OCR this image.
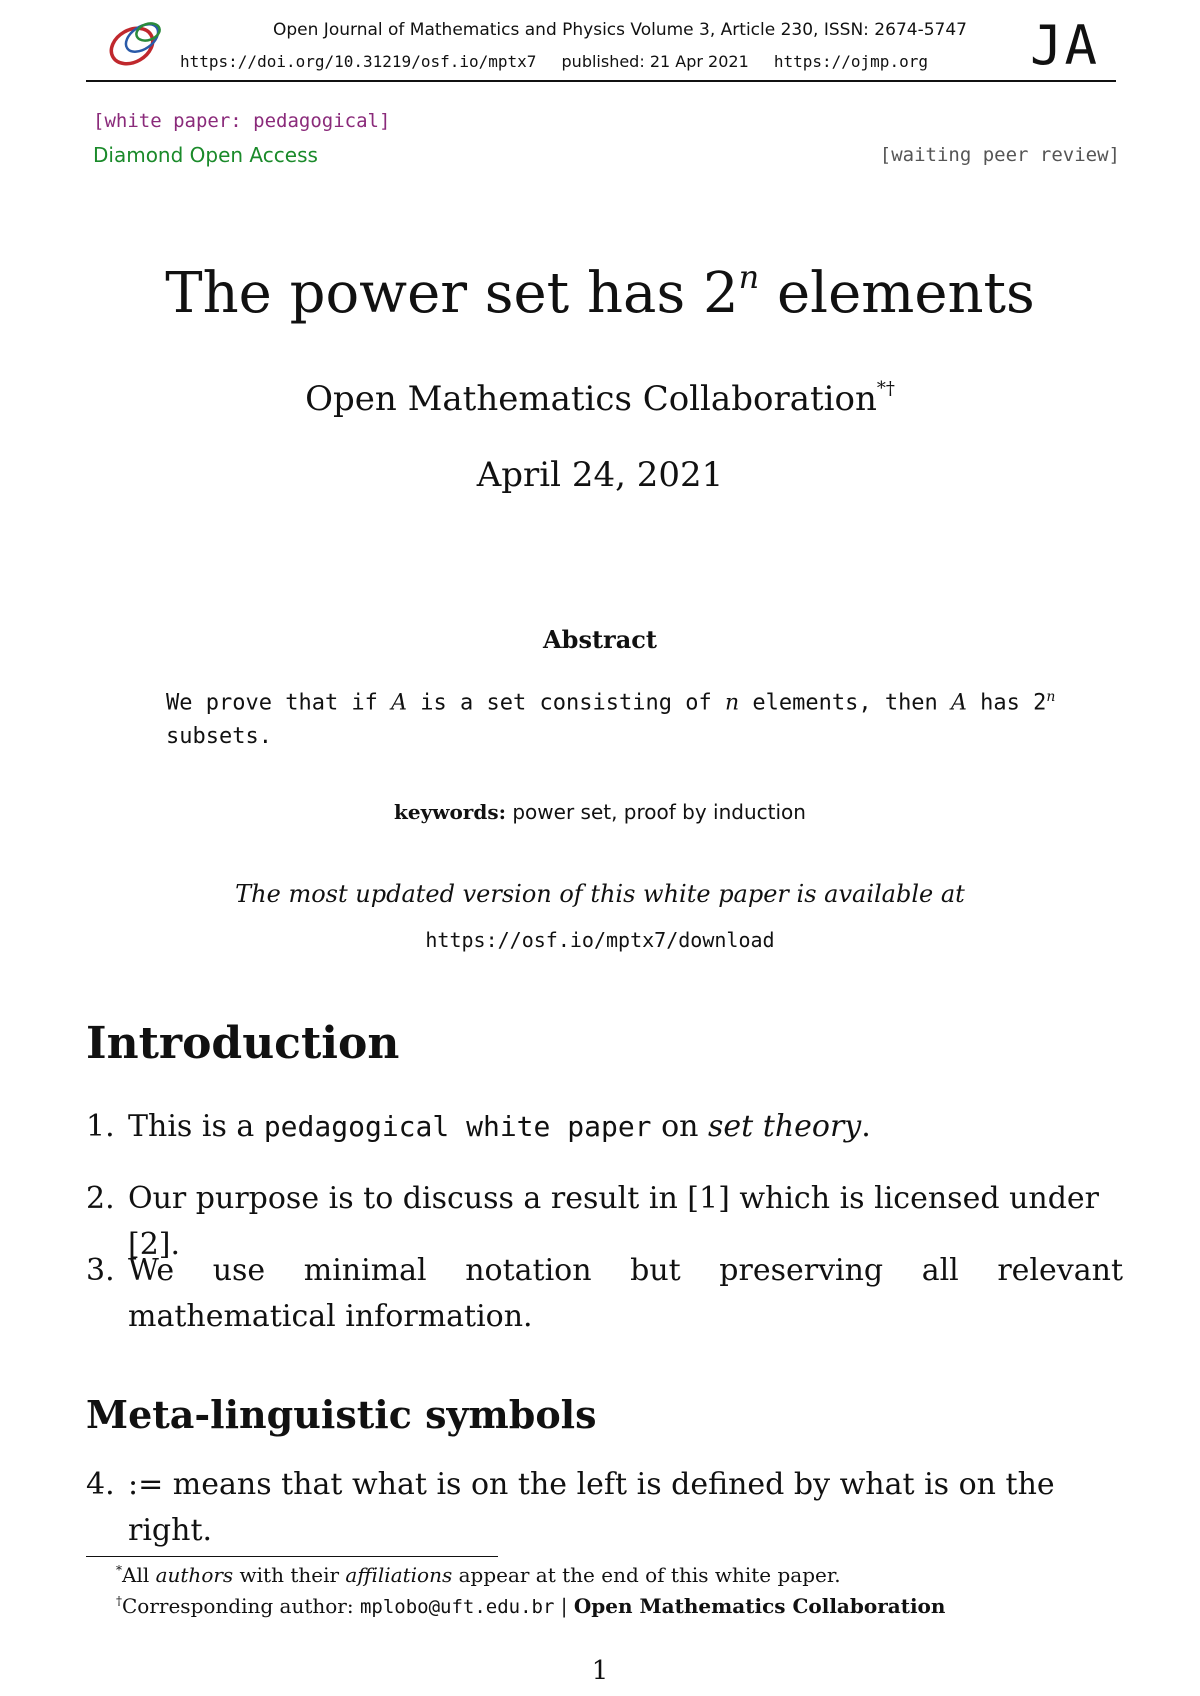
Open Journal of Mathematics and Physics Volume 3, Article 230, ISSN: 2674-5747
https://doi.org/10.31219/osf.io/mptx7 published: 21 Apr 2021 https://ojmp.org	JA
[white paper: pedagogical]
Diamond Open Access	[waiting peer review]
The power set has 2$^n$ elements
Open Mathematics Collaboration*†
April 24, 2021
Abstract
We prove that if A is a set consisting of n elements, then A has 2$^n$ subsets.
keywords: power set, proof by induction
The most updated version of this white paper is available at
https://osf.io/mptx7/download
Introduction
1. This is a pedagogical white paper on set theory.
2. Our purpose is to discuss a result in [1] which is licensed under [2].
3. We use minimal notation but preserving all relevant mathematical information.
Meta-linguistic symbols
4. := means that what is on the left is defined by what is on the right.
*All authors with their affiliations appear at the end of this white paper.
†Corresponding author: mplobo@uft.edu.br | Open Mathematics Collaboration
1
